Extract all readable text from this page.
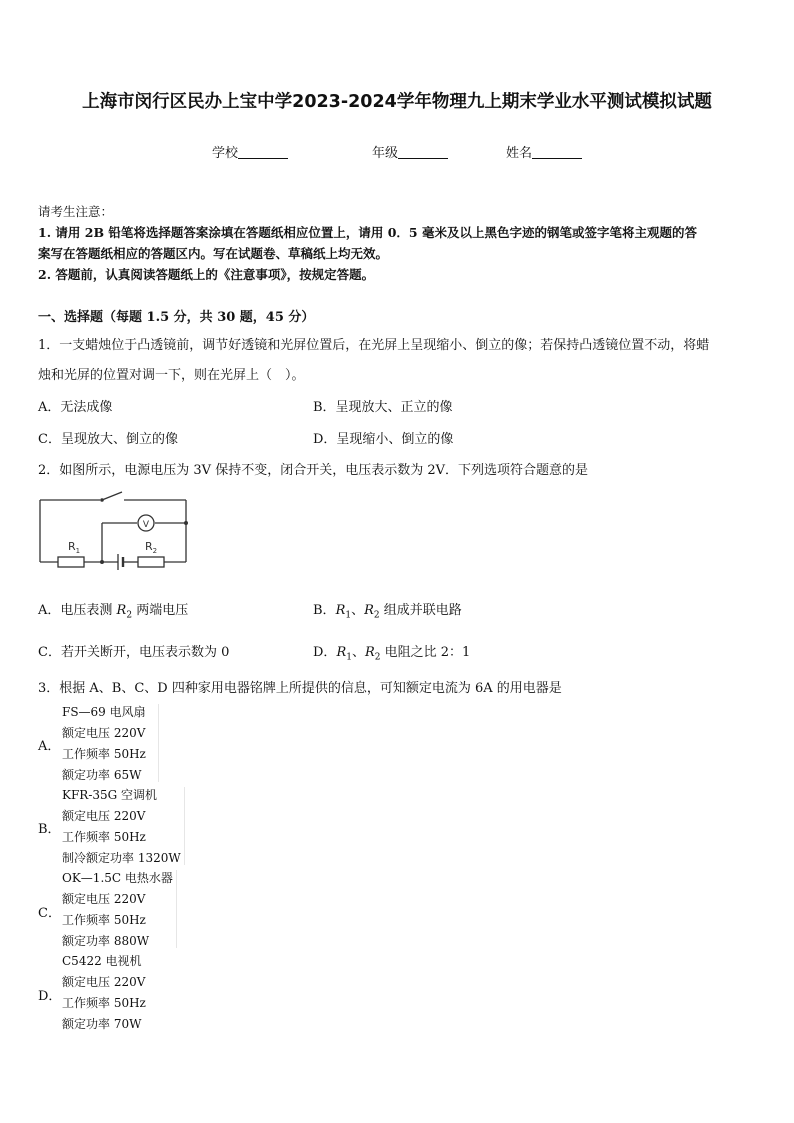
上海市闵行区民办上宝中学2023-2024学年物理九上期末学业水平测试模拟试题
学校	年级	姓名
请考生注意：
1. 请用 2B 铅笔将选择题答案涂填在答题纸相应位置上，请用 0．5 毫米及以上黑色字迹的钢笔或签字笔将主观题的答
案写在答题纸相应的答题区内。写在试题卷、草稿纸上均无效。
2. 答题前，认真阅读答题纸上的《注意事项》，按规定答题。
一、选择题（每题 1.5 分，共 30 题，45 分）
1．一支蜡烛位于凸透镜前，调节好透镜和光屏位置后，在光屏上呈现缩小、倒立的像；若保持凸透镜位置不动，将蜡
烛和光屏的位置对调一下，则在光屏上（　）。
A．无法成像	B．呈现放大、正立的像
C．呈现放大、倒立的像	D．呈现缩小、倒立的像
2．如图所示，电源电压为 3V 保持不变，闭合开关，电压表示数为 2V．下列选项符合题意的是
V
$R_1$	$R_2$
A．电压表测 $R_2$ 两端电压	B．$R_1$、$R_2$ 组成并联电路
C．若开关断开，电压表示数为 0	D．$R_1$、$R_2$ 电阻之比 2：1
3．根据 A、B、C、D 四种家用电器铭牌上所提供的信息，可知额定电流为 6A 的用电器是
A．
FS—69 电风扇
额定电压 220V
工作频率 50Hz
额定功率 65W
B．
KFR-35G 空调机
额定电压 220V
工作频率 50Hz
制冷额定功率 1320W
C．
OK—1.5C 电热水器
额定电压 220V
工作频率 50Hz
额定功率 880W
D．
C5422 电视机
额定电压 220V
工作频率 50Hz
额定功率 70W
